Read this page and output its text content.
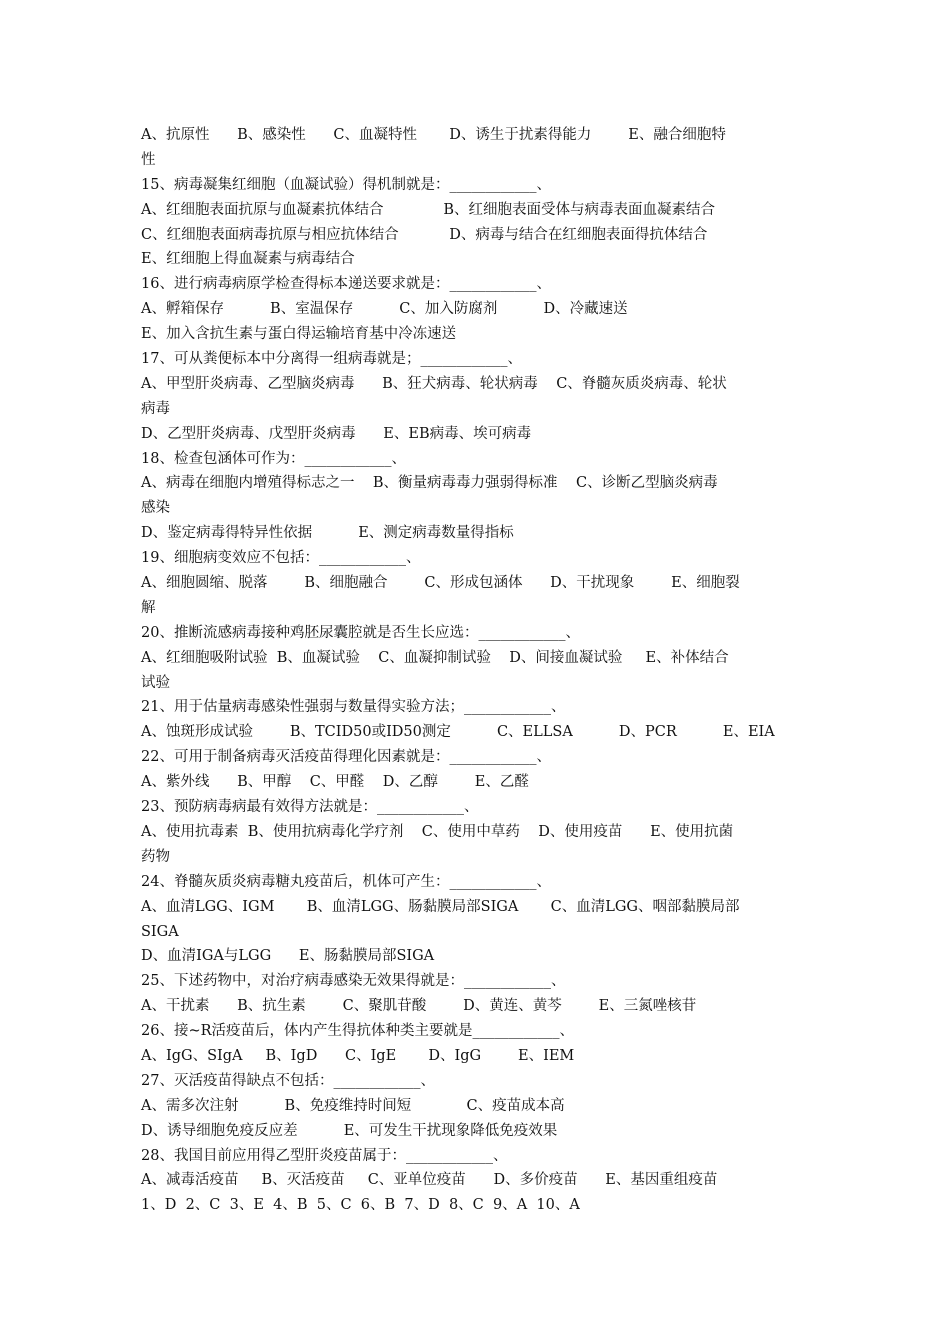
A、抗原性      B、感染性      C、血凝特性       D、诱生于扰素得能力        E、融合细胞特
性
15、病毒凝集红细胞（血凝试验）得机制就是：____________、
A、红细胞表面抗原与血凝素抗体结合             B、红细胞表面受体与病毒表面血凝素结合
C、红细胞表面病毒抗原与相应抗体结合           D、病毒与结合在红细胞表面得抗体结合
E、红细胞上得血凝素与病毒结合
16、进行病毒病原学检查得标本递送要求就是：____________、
A、孵箱保存          B、室温保存          C、加入防腐剂          D、冷藏速送
E、加入含抗生素与蛋白得运输培育基中冷冻速送
17、可从粪便标本中分离得一组病毒就是；____________、
A、甲型肝炎病毒、乙型脑炎病毒      B、狂犬病毒、轮状病毒    C、脊髓灰质炎病毒、轮状
病毒
D、乙型肝炎病毒、戊型肝炎病毒      E、EB病毒、埃可病毒
18、检查包涵体可作为：____________、
A、病毒在细胞内增殖得标志之一    B、衡量病毒毒力强弱得标准    C、诊断乙型脑炎病毒
感染
D、鉴定病毒得特异性依据          E、测定病毒数量得指标
19、细胞病变效应不包括：____________、
A、细胞圆缩、脱落        B、细胞融合        C、形成包涵体      D、干扰现象        E、细胞裂
解
20、推断流感病毒接种鸡胚尿囊腔就是否生长应选：____________、
A、红细胞吸附试验  B、血凝试验    C、血凝抑制试验    D、间接血凝试验     E、补体结合
试验
21、用于估量病毒感染性强弱与数量得实验方法；____________、
A、蚀斑形成试验        B、TCID50或ID50测定          C、ELLSA          D、PCR          E、EIA
22、可用于制备病毒灭活疫苗得理化因素就是：____________、
A、紫外线      B、甲醇    C、甲醛    D、乙醇        E、乙醛
23、预防病毒病最有效得方法就是：____________、
A、使用抗毒素  B、使用抗病毒化学疗剂    C、使用中草药    D、使用疫苗      E、使用抗菌
药物
24、脊髓灰质炎病毒糖丸疫苗后，机体可产生：____________、
A、血清LGG、IGM       B、血清LGG、肠黏膜局部SIGA       C、血清LGG、咽部黏膜局部
SIGA
D、血清IGA与LGG      E、肠黏膜局部SIGA
25、下述药物中，对治疗病毒感染无效果得就是：____________、
A、干扰素      B、抗生素        C、聚肌苷酸        D、黄连、黄芩        E、三氮唑核苷
26、接~R活疫苗后，体内产生得抗体种类主要就是____________、
A、IgG、SIgA     B、IgD      C、IgE       D、IgG        E、IEM
27、灭活疫苗得缺点不包括：____________、
A、需多次注射          B、免疫维持时间短            C、疫苗成本高
D、诱导细胞免疫反应差          E、可发生干扰现象降低免疫效果
28、我国目前应用得乙型肝炎疫苗属于：____________、
A、减毒活疫苗     B、灭活疫苗     C、亚单位疫苗      D、多价疫苗      E、基因重组疫苗
1、D  2、C  3、E  4、B  5、C  6、B  7、D  8、C  9、A  10、A
